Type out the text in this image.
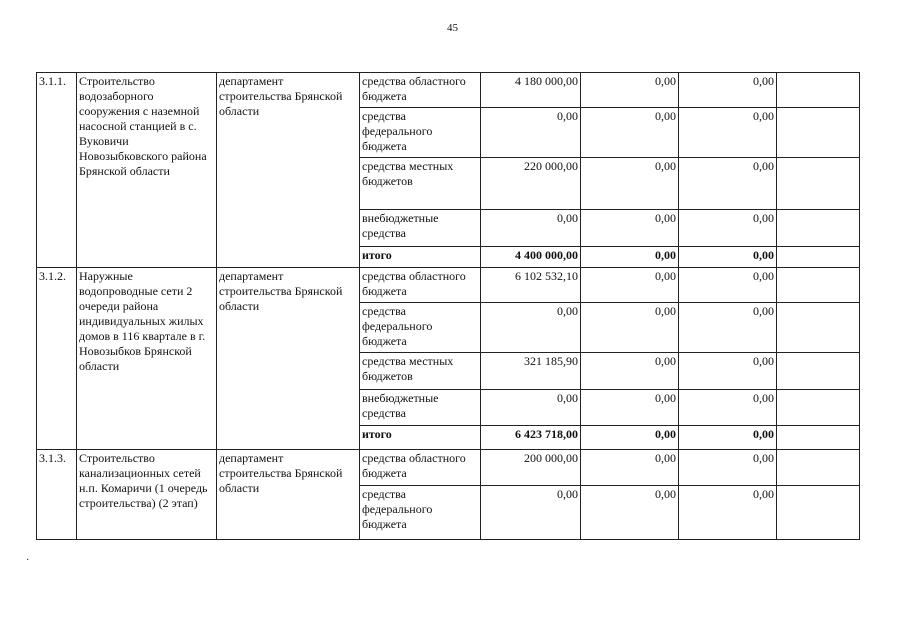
45
3.1.1.	Строительство водозаборного сооружения с наземной насосной станцией в с. Вуковичи Новозыбковского района Брянской области	департамент строительства Брянской области	средства областного бюджета	4 180 000,00	0,00	0,00	
			средства федерального бюджета	0,00	0,00	0,00	
			средства местных бюджетов	220 000,00	0,00	0,00	
			внебюджетные средства	0,00	0,00	0,00	
			итого	4 400 000,00	0,00	0,00	
3.1.2.	Наружные водопроводные сети 2 очереди района индивидуальных жилых домов в 116 квартале в г. Новозыбков Брянской области	департамент строительства Брянской области	средства областного бюджета	6 102 532,10	0,00	0,00	
			средства федерального бюджета	0,00	0,00	0,00	
			средства местных бюджетов	321 185,90	0,00	0,00	
			внебюджетные средства	0,00	0,00	0,00	
			итого	6 423 718,00	0,00	0,00	
3.1.3.	Строительство канализационных сетей н.п. Комаричи (1 очередь строительства) (2 этап)	департамент строительства Брянской области	средства областного бюджета	200 000,00	0,00	0,00	
			средства федерального бюджета	0,00	0,00	0,00	
·
